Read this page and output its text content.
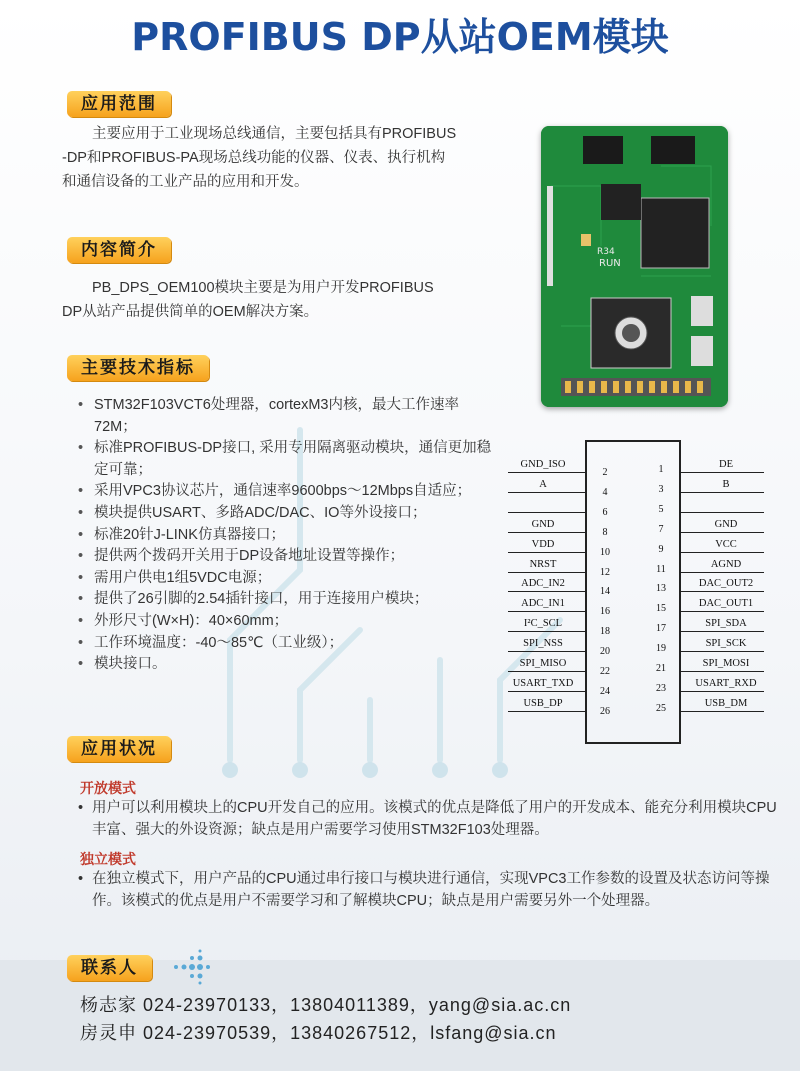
PROFIBUS DP从站OEM模块
应用范围

主要应用于工业现场总线通信，主要包括具有PROFIBUS

-DP和PROFIBUS-PA现场总线功能的仪器、仪表、执行机构

和通信设备的工业产品的应用和开发。

内容简介

PB_DPS_OEM100模块主要是为用户开发PROFIBUS

DP从站产品提供简单的OEM解决方案。

主要技术指标
• STM32F103VCT6处理器，cortexM3内核，最大工作速率72M；
• 标准PROFIBUS-DP接口, 采用专用隔离驱动模块，通信更加稳定可靠；
• 采用VPC3协议芯片，通信速率9600bps～12Mbps自适应；
• 模块提供USART、多路ADC/DAC、IO等外设接口；
• 标准20针J-LINK仿真器接口；
• 提供两个拨码开关用于DP设备地址设置等操作；
• 需用户供电1组5VDC电源；
• 提供了26引脚的2.54插针接口，用于连接用户模块；
• 外形尺寸(W×H)：40×60mm；
• 工作环境温度：-40～85℃（工业级）；
• 模块接口。
RUN
R34
GND_ISO
2
A
4
6
GND
8
VDD
10
NRST
12
ADC_IN2
14
ADC_IN1
16
I²C_SCL
18
SPI_NSS
20
SPI_MISO
22
USART_TXD
24
USB_DP
26
DE
1
B
3
5
GND
7
VCC
9
AGND
11
DAC_OUT2
13
DAC_OUT1
15
SPI_SDA
17
SPI_SCK
19
SPI_MOSI
21
USART_RXD
23
USB_DM
25
应用状况
开放模式
• 用户可以利用模块上的CPU开发自己的应用。该模式的优点是降低了用户的开发成本、能充分利用模块CPU丰富、强大的外设资源；缺点是用户需要学习使用STM32F103处理器。
独立模式
• 在独立模式下，用户产品的CPU通过串行接口与模块进行通信，实现VPC3工作参数的设置及状态访问等操作。该模式的优点是用户不需要学习和了解模块CPU；缺点是用户需要另外一个处理器。
联系人
杨志家 024-23970133，13804011389，yang@sia.ac.cn
房灵申 024-23970539，13840267512，lsfang@sia.cn
